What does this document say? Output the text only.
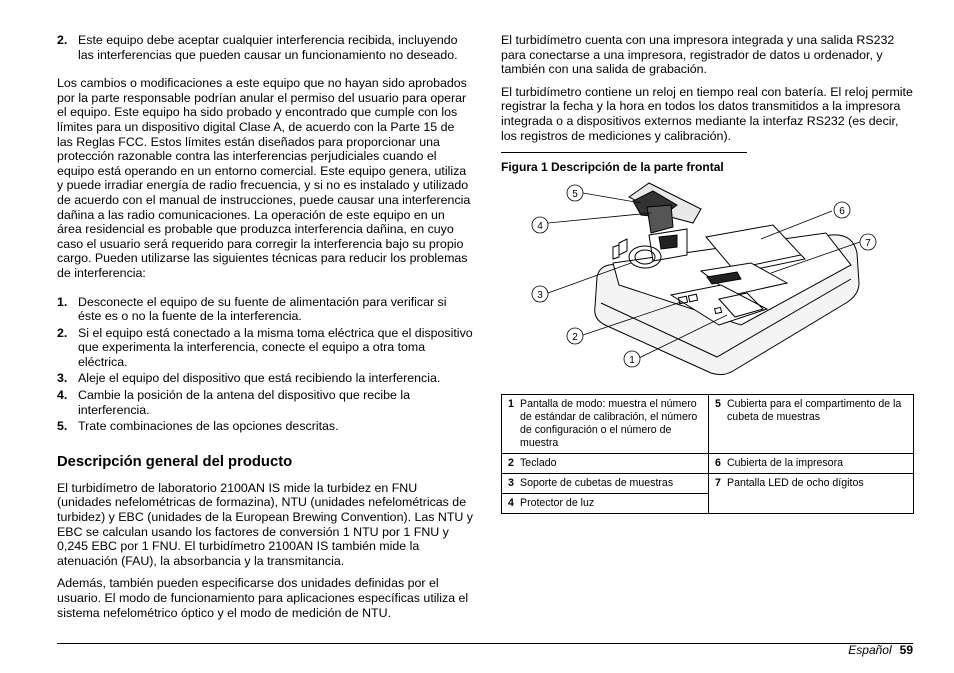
2. Este equipo debe aceptar cualquier interferencia recibida, incluyendo las interferencias que pueden causar un funcionamiento no deseado.

Los cambios o modificaciones a este equipo que no hayan sido aprobados por la parte responsable podrían anular el permiso del usuario para operar el equipo. Este equipo ha sido probado y encontrado que cumple con los límites para un dispositivo digital Clase A, de acuerdo con la Parte 15 de las Reglas FCC. Estos límites están diseñados para proporcionar una protección razonable contra las interferencias perjudiciales cuando el equipo está operando en un entorno comercial. Este equipo genera, utiliza y puede irradiar energía de radio frecuencia, y si no es instalado y utilizado de acuerdo con el manual de instrucciones, puede causar una interferencia dañina a las radio comunicaciones. La operación de este equipo en un área residencial es probable que produzca interferencia dañina, en cuyo caso el usuario será requerido para corregir la interferencia bajo su propio cargo. Pueden utilizarse las siguientes técnicas para reducir los problemas de interferencia:

1. Desconecte el equipo de su fuente de alimentación para verificar si éste es o no la fuente de la interferencia.
2. Si el equipo está conectado a la misma toma eléctrica que el dispositivo que experimenta la interferencia, conecte el equipo a otra toma eléctrica.
3. Aleje el equipo del dispositivo que está recibiendo la interferencia.
4. Cambie la posición de la antena del dispositivo que recibe la interferencia.
5. Trate combinaciones de las opciones descritas.
Descripción general del producto

El turbidímetro de laboratorio 2100AN IS mide la turbidez en FNU (unidades nefelométricas de formazina), NTU (unidades nefelométricas de turbidez) y EBC (unidades de la European Brewing Convention). Las NTU y EBC se calculan usando los factores de conversión 1 NTU por 1 FNU y 0,245 EBC por 1 FNU. El turbidímetro 2100AN IS también mide la atenuación (FAU), la absorbancia y la transmitancia.

Además, también pueden especificarse dos unidades definidas por el usuario. El modo de funcionamiento para aplicaciones específicas utiliza el sistema nefelométrico óptico y el modo de medición de NTU.

El turbidímetro cuenta con una impresora integrada y una salida RS232 para conectarse a una impresora, registrador de datos u ordenador, y también con una salida de grabación.

El turbidímetro contiene un reloj en tiempo real con batería. El reloj permite registrar la fecha y la hora en todos los datos transmitidos a la impresora integrada o a dispositivos externos mediante la interfaz RS232 (es decir, los registros de mediciones y calibración).

Figura 1 Descripción de la parte frontal
5
4
3
2
1
6
7
1 Pantalla de modo: muestra el número de estándar de calibración, el número de configuración o el número de muestra	5 Cubierta para el compartimento de la cubeta de muestras
2 Teclado	6 Cubierta de la impresora
3 Soporte de cubetas de muestras	7 Pantalla LED de ocho dígitos
4 Protector de luz	
Español 59
